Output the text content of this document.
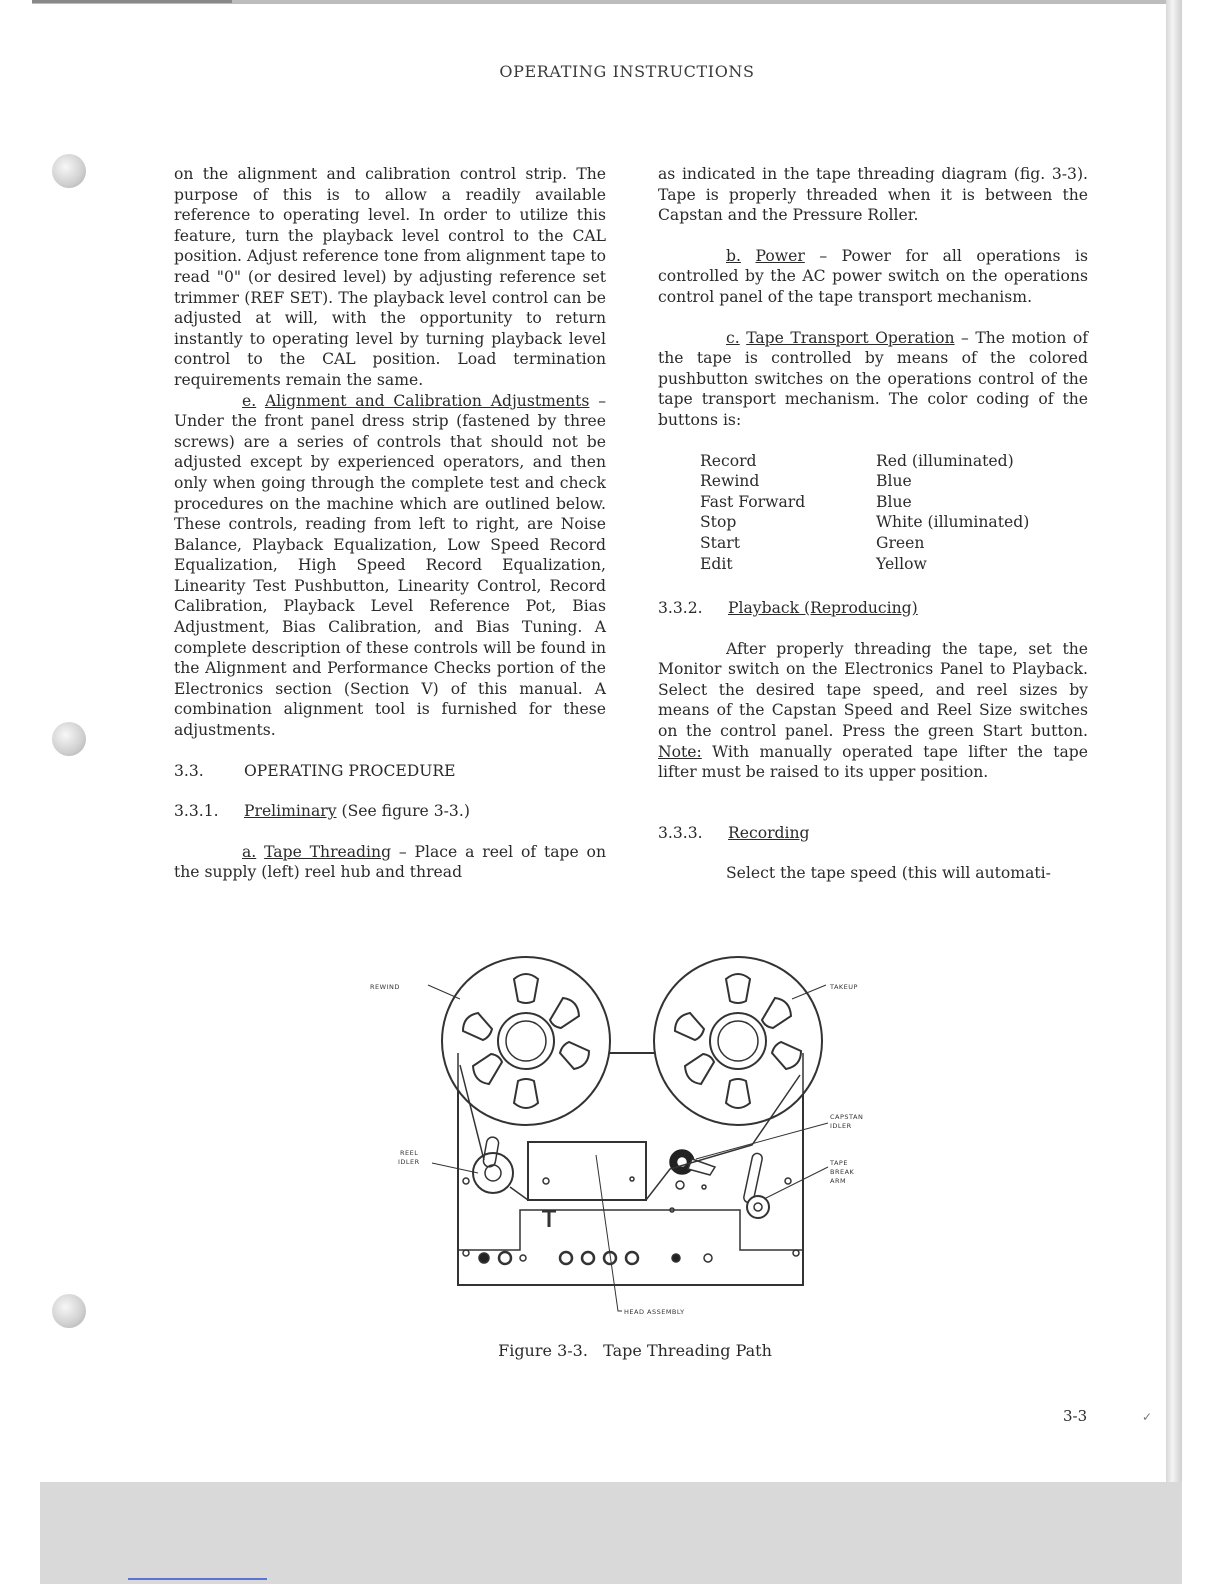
OPERATING INSTRUCTIONS

on the alignment and calibration control strip. The purpose of this is to allow a readily available reference to operating level. In order to utilize this feature, turn the playback level control to the CAL position. Adjust reference tone from alignment tape to read "0" (or desired level) by adjusting reference set trimmer (REF SET). The playback level control can be adjusted at will, with the opportunity to return instantly to operating level by turning playback level control to the CAL position. Load termination requirements remain the same.

e. Alignment and Calibration Adjustments – Under the front panel dress strip (fastened by three screws) are a series of controls that should not be adjusted except by experienced operators, and then only when going through the complete test and check procedures on the machine which are outlined below. These controls, reading from left to right, are Noise Balance, Playback Equalization, Low Speed Record Equalization, High Speed Record Equalization, Linearity Test Pushbutton, Linearity Control, Record Calibration, Playback Level Reference Pot, Bias Adjustment, Bias Calibration, and Bias Tuning. A complete description of these controls will be found in the Alignment and Performance Checks portion of the Electronics section (Section V) of this manual. A combination alignment tool is furnished for these adjustments.

3.3.	OPERATING PROCEDURE

3.3.1. Preliminary (See figure 3-3.)

a. Tape Threading – Place a reel of tape on the supply (left) reel hub and thread

as indicated in the tape threading diagram (fig. 3-3). Tape is properly threaded when it is between the Capstan and the Pressure Roller.

b. Power – Power for all operations is controlled by the AC power switch on the operations control panel of the tape transport mechanism.

c. Tape Transport Operation – The motion of the tape is controlled by means of the colored pushbutton switches on the operations control of the tape transport mechanism. The color coding of the buttons is:

Record	Red (illuminated)
Rewind	Blue
Fast Forward	Blue
Stop	White (illuminated)
Start	Green
Edit	Yellow

3.3.2. Playback (Reproducing)

After properly threading the tape, set the Monitor switch on the Electronics Panel to Playback. Select the desired tape speed, and reel sizes by means of the Capstan Speed and Reel Size switches on the control panel. Press the green Start button. Note: With manually operated tape lifter the tape lifter must be raised to its upper position.

3.3.3. Recording

Select the tape speed (this will automati-

REWIND	TAKEUP
REEL
IDLER
CAPSTAN
IDLER
TAPE
BREAK
ARM
HEAD ASSEMBLY
Figure 3-3.   Tape Threading Path
3-3	✓
